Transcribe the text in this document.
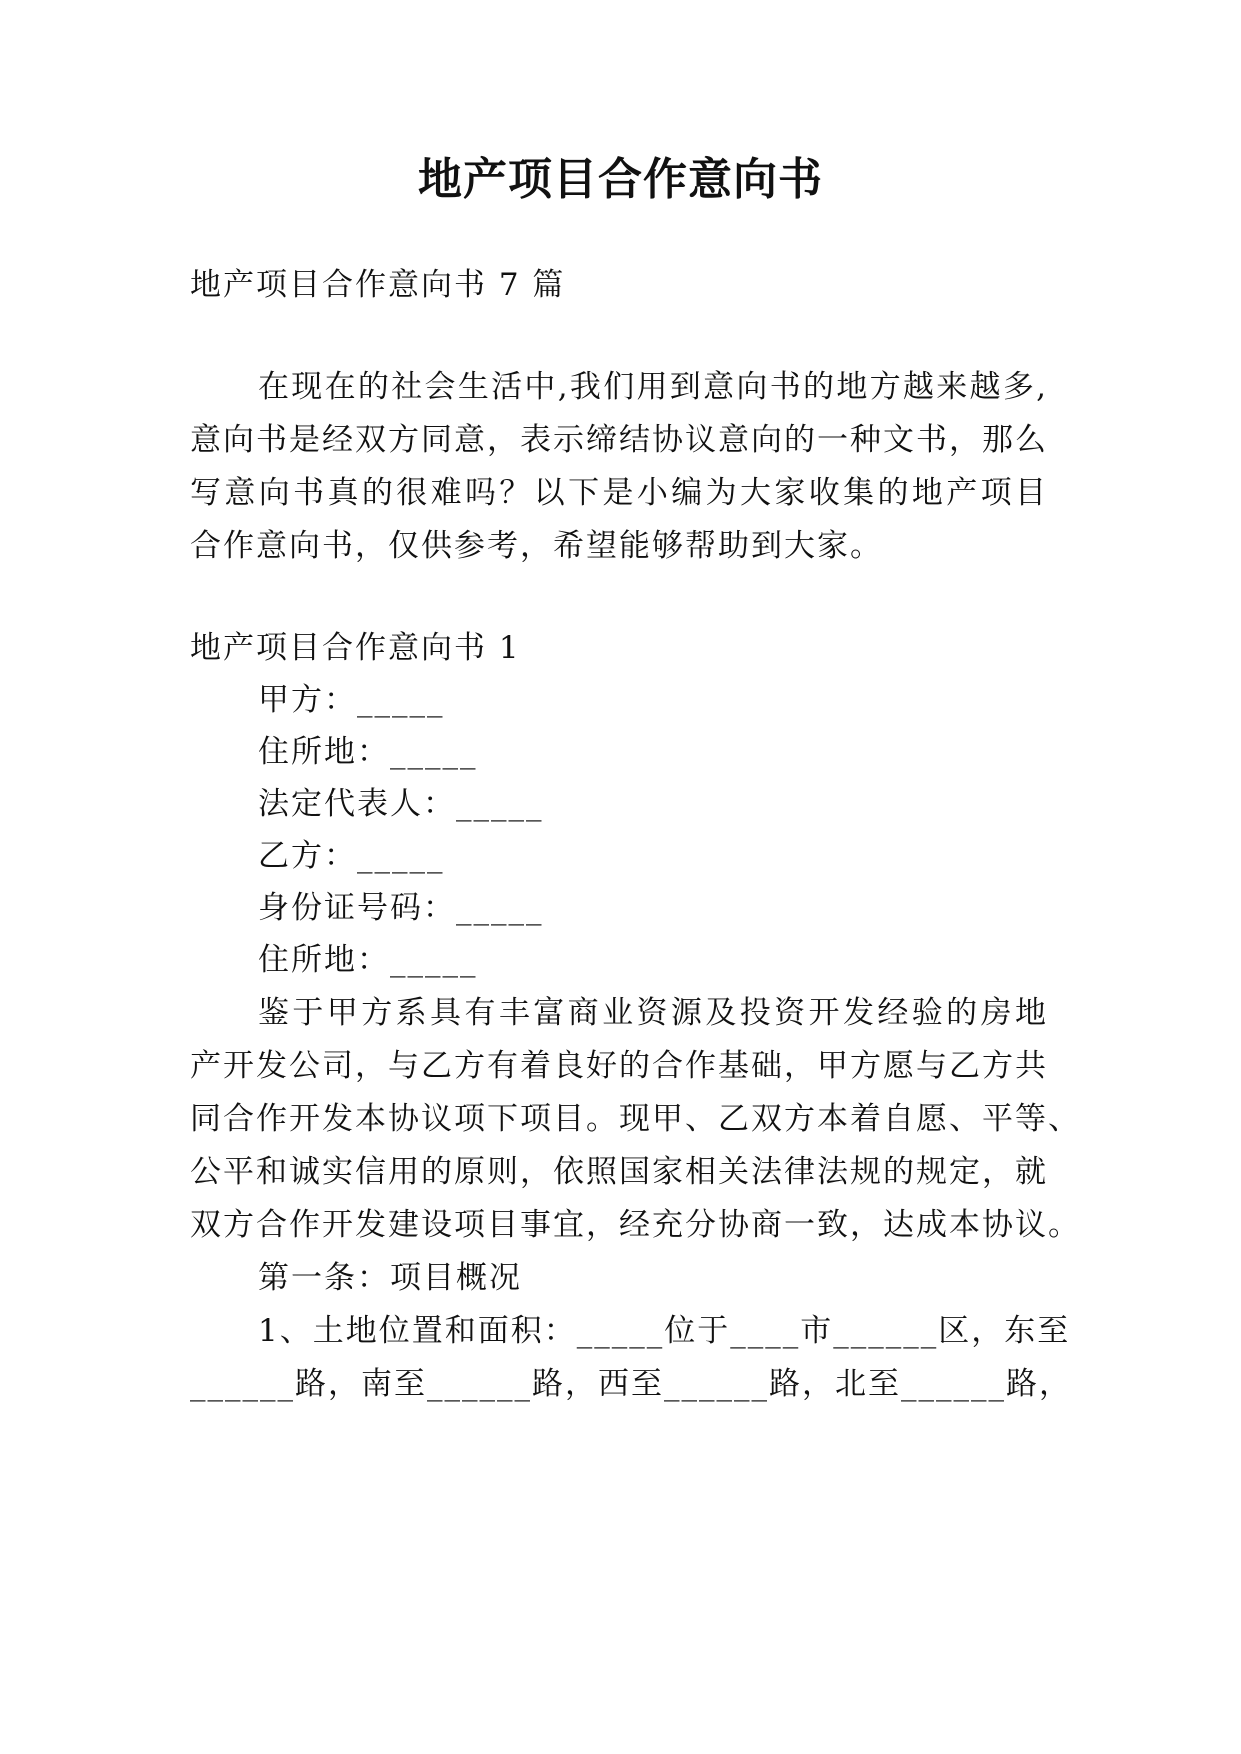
地产项目合作意向书
地产项目合作意向书 7 篇
在现在的社会生活中,我们用到意向书的地方越来越多,
意向书是经双方同意，表示缔结协议意向的一种文书，那么
写意向书真的很难吗？以下是小编为大家收集的地产项目
合作意向书，仅供参考，希望能够帮助到大家。
地产项目合作意向书 1
甲方：_____
住所地：_____
法定代表人：_____
乙方：_____
身份证号码：_____
住所地：_____
鉴于甲方系具有丰富商业资源及投资开发经验的房地
产开发公司，与乙方有着良好的合作基础，甲方愿与乙方共
同合作开发本协议项下项目。现甲、乙双方本着自愿、平等、
公平和诚实信用的原则，依照国家相关法律法规的规定，就
双方合作开发建设项目事宜，经充分协商一致，达成本协议。
第一条：项目概况
1、土地位置和面积：_____位于____市______区，东至
______路，南至______路，西至______路，北至______路，
